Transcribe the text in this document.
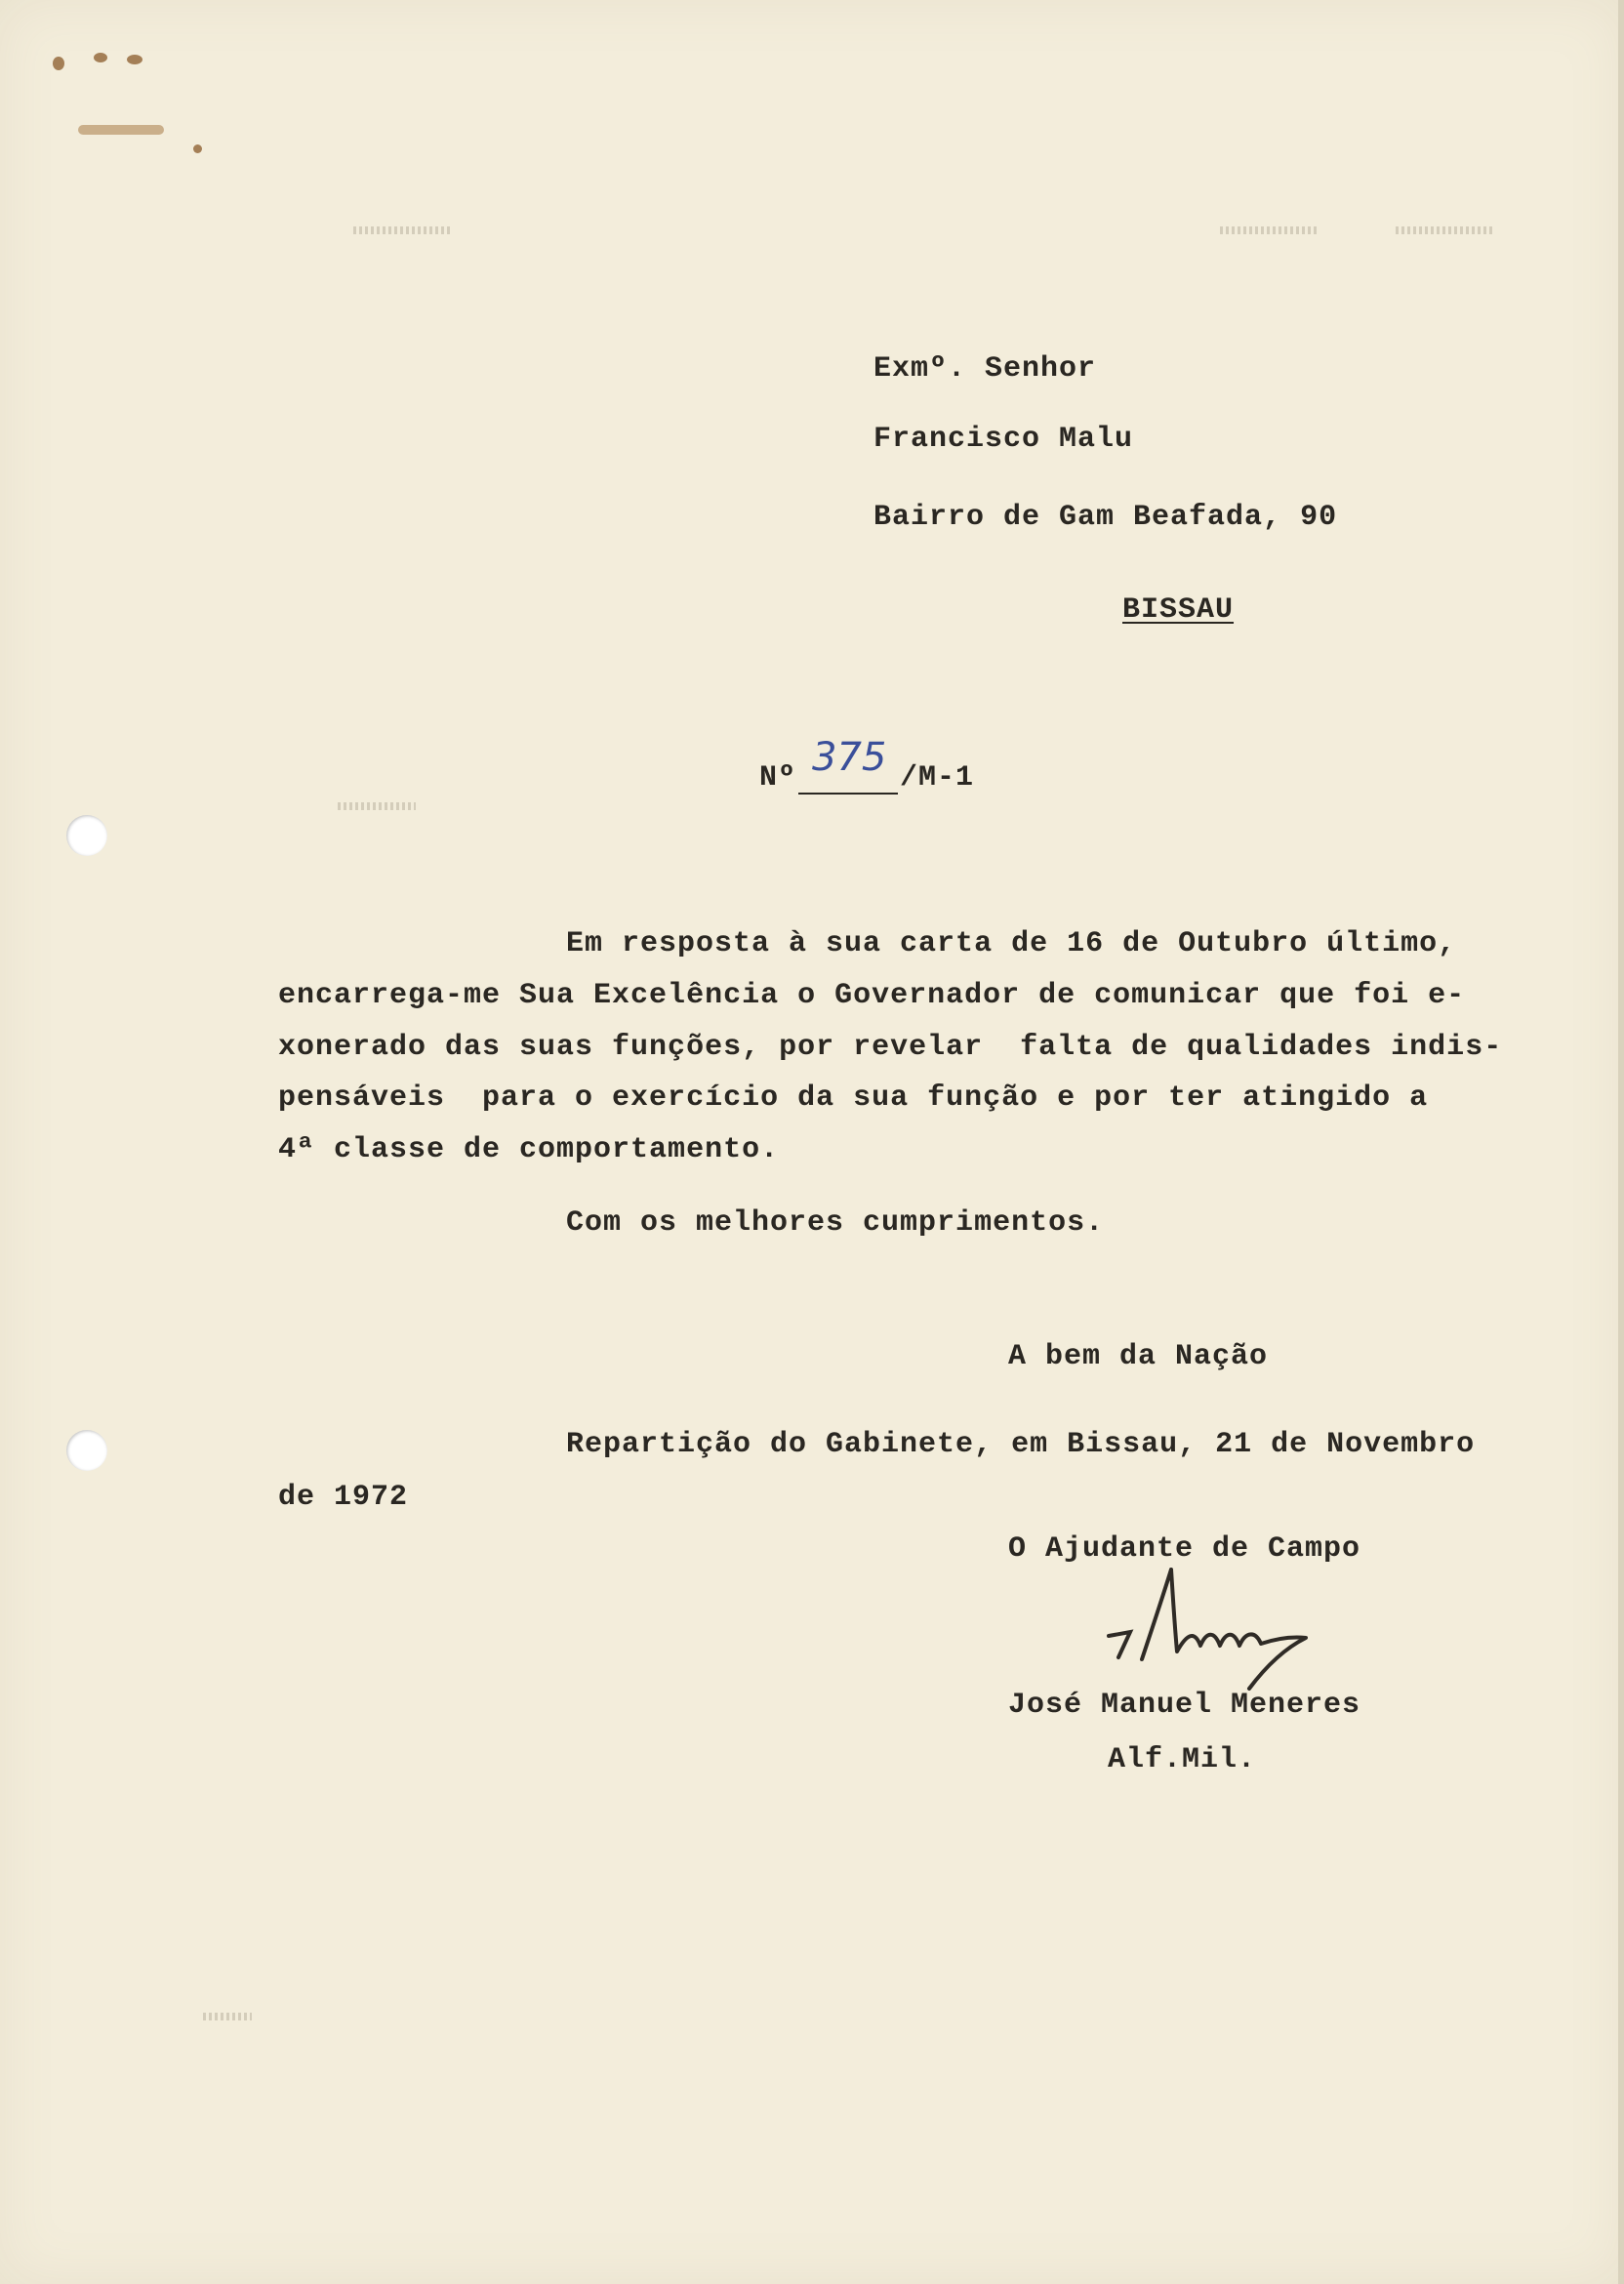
Exmº. Senhor
Francisco Malu
Bairro de Gam Beafada, 90
BISSAU
Nº 375 /M-1
Em resposta à sua carta de 16 de Outubro último,
encarrega-me Sua Excelência o Governador de comunicar que foi e-
xonerado das suas funções, por revelar  falta de qualidades indis-
pensáveis  para o exercício da sua função e por ter atingido a
4ª classe de comportamento.
Com os melhores cumprimentos.
A bem da Nação
Repartição do Gabinete, em Bissau, 21 de Novembro
de 1972
O Ajudante de Campo
José Manuel Meneres
Alf.Mil.
